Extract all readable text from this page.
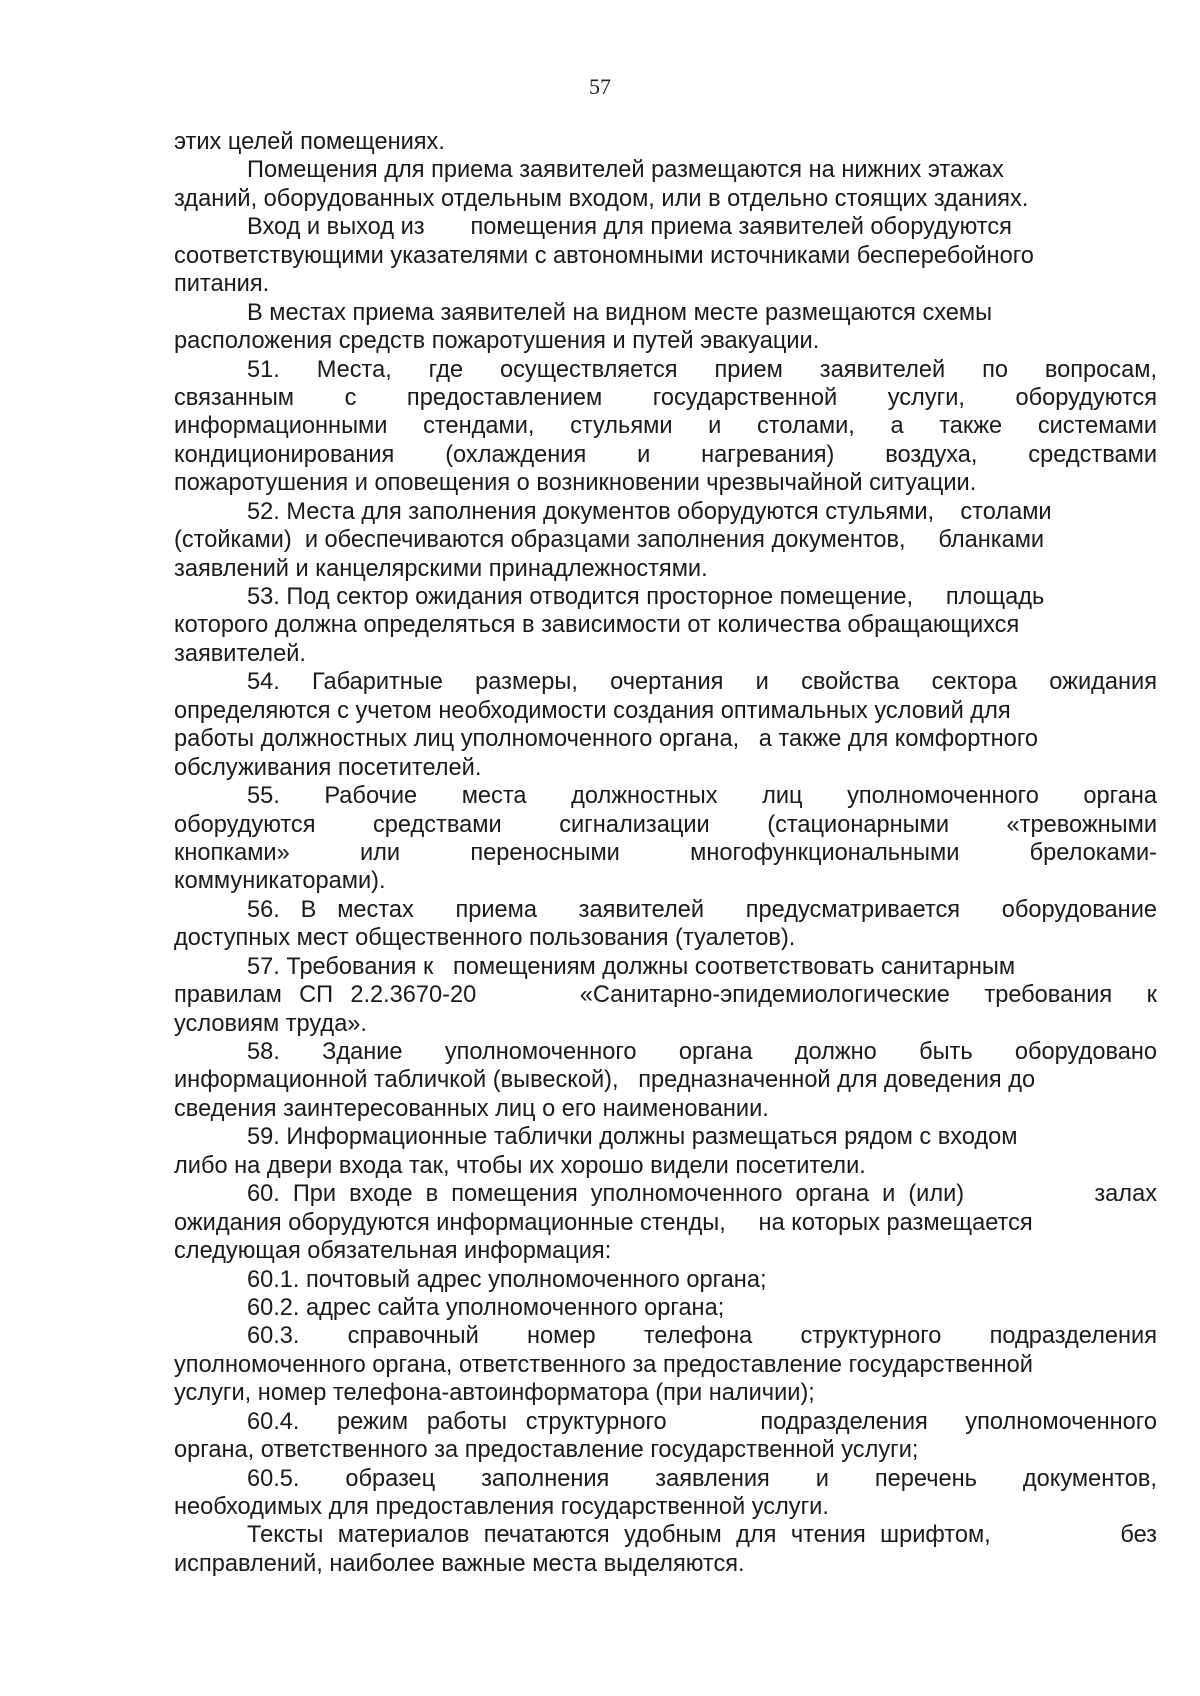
57
этих целей помещениях.
Помещения для приема заявителей размещаются на нижних этажах
зданий, оборудованных отдельным входом, или в отдельно стоящих зданиях.
Вход и выход из       помещения для приема заявителей оборудуются
соответствующими указателями с автономными источниками бесперебойного
питания.
В местах приема заявителей на видном месте размещаются схемы
расположения средств пожаротушения и путей эвакуации.
51.  Места,  где  осуществляется  прием  заявителей  по  вопросам,
связанным  с  предоставлением  государственной  услуги,  оборудуются
информационными  стендами,  стульями  и  столами,  а  также  системами
кондиционирования  (охлаждения  и  нагревания)  воздуха,  средствами
пожаротушения и оповещения о возникновении чрезвычайной ситуации.
52. Места для заполнения документов оборудуются стульями,    столами
(стойками)  и обеспечиваются образцами заполнения документов,     бланками
заявлений и канцелярскими принадлежностями.
53. Под сектор ожидания отводится просторное помещение,     площадь
которого должна определяться в зависимости от количества обращающихся
заявителей.
54.  Габаритные  размеры,  очертания  и  свойства  сектора  ожидания
определяются с учетом необходимости создания оптимальных условий для
работы должностных лиц уполномоченного органа,   а также для комфортного
обслуживания посетителей.
55.  Рабочие  места  должностных  лиц  уполномоченного  органа
оборудуются  средствами  сигнализации  (стационарными  «тревожными
кнопками»  или  переносными  многофункциональными  брелоками-
коммуникаторами).
56. В местах  приема  заявителей  предусматривается  оборудование
доступных мест общественного пользования (туалетов).
57. Требования к   помещениям должны соответствовать санитарным
правилам СП 2.2.3670-20      «Санитарно-эпидемиологические  требования  к
условиям труда».
58.  Здание  уполномоченного  органа  должно  быть  оборудовано
информационной табличкой (вывеской),   предназначенной для доведения до
сведения заинтересованных лиц о его наименовании.
59. Информационные таблички должны размещаться рядом с входом
либо на двери входа так, чтобы их хорошо видели посетители.
60. При входе в помещения уполномоченного органа и (или)          залах
ожидания оборудуются информационные стенды,     на которых размещается
следующая обязательная информация:
60.1. почтовый адрес уполномоченного органа;
60.2. адрес сайта уполномоченного органа;
60.3.  справочный  номер  телефона  структурного  подразделения
уполномоченного органа, ответственного за предоставление государственной
услуги, номер телефона-автоинформатора (при наличии);
60.4.  режим работы структурного     подразделения  уполномоченного
органа, ответственного за предоставление государственной услуги;
60.5.  образец  заполнения  заявления  и  перечень  документов,
необходимых для предоставления государственной услуги.
Тексты материалов печатаются удобным для чтения шрифтом,         без
исправлений, наиболее важные места выделяются.
